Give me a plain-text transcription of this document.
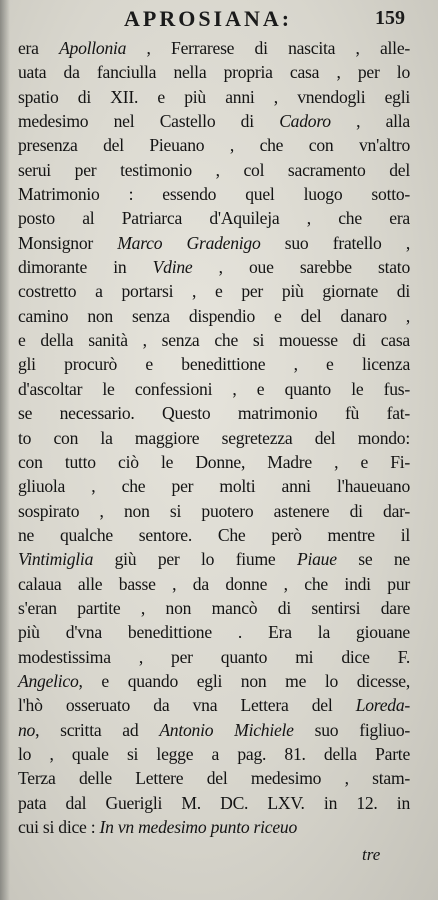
APROSIANA:	159
era Apollonia , Ferrarese di nascita , alle-
uata da fanciulla nella propria casa , per lo
spatio di XII. e più anni , vnendogli egli
medesimo nel Castello di Cadoro , alla
presenza del Pieuano , che con vn'altro
serui per testimonio , col sacramento del
Matrimonio : essendo quel luogo sotto-
posto al Patriarca d'Aquileja , che era
Monsignor Marco Gradenigo suo fratello ,
dimorante in Vdine , oue sarebbe stato
costretto a portarsi , e per più giornate di
camino non senza dispendio e del danaro ,
e della sanità , senza che si mouesse di casa
gli procurò e benedittione , e licenza
d'ascoltar le confessioni , e quanto le fus-
se necessario. Questo matrimonio fù fat-
to con la maggiore segretezza del mondo:
con tutto ciò le Donne, Madre , e Fi-
gliuola , che per molti anni l'haueuano
sospirato , non si puotero astenere di dar-
ne qualche sentore. Che però mentre il
Vintimiglia giù per lo fiume Piaue se ne
calaua alle basse , da donne , che indi pur
s'eran partite , non mancò di sentirsi dare
più d'vna benedittione . Era la giouane
modestissima , per quanto mi dice F.
Angelico, e quando egli non me lo dicesse,
l'hò osseruato da vna Lettera del Loreda-
no, scritta ad Antonio Michiele suo figliuo-
lo , quale si legge a pag. 81. della Parte
Terza delle Lettere del medesimo , stam-
pata dal Guerigli M. DC. LXV. in 12. in
cui si dice : In vn medesimo punto riceuo
tre
